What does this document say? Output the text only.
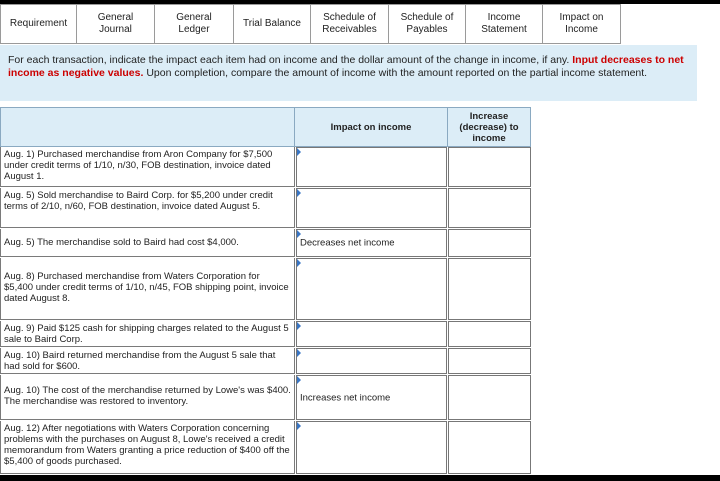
Requirement
General
Journal
General
Ledger
Trial Balance
Schedule of
Receivables
Schedule of
Payables
Income
Statement
Impact on
Income
For each transaction, indicate the impact each item had on income and the dollar amount of the change in income, if any. Input decreases to net income as negative values. Upon completion, compare the amount of income with the amount reported on the partial income statement.
Impact on income
Increase (decrease) to income
Aug. 1) Purchased merchandise from Aron Company for $7,500 under credit terms of 1/10, n/30, FOB destination, invoice dated August 1.
Aug. 5) Sold merchandise to Baird Corp. for $5,200 under credit terms of 2/10, n/60, FOB destination, invoice dated August 5.
Aug. 5) The merchandise sold to Baird had cost $4,000.	Decreases net income
Aug. 8) Purchased merchandise from Waters Corporation for $5,400 under credit terms of 1/10, n/45, FOB shipping point, invoice dated August 8.
Aug. 9) Paid $125 cash for shipping charges related to the August 5 sale to Baird Corp.
Aug. 10) Baird returned merchandise from the August 5 sale that had sold for $600.
Aug. 10) The cost of the merchandise returned by Lowe's was $400. The merchandise was restored to inventory.	Increases net income
Aug. 12) After negotiations with Waters Corporation concerning problems with the purchases on August 8, Lowe's received a credit memorandum from Waters granting a price reduction of $400 off the $5,400 of goods purchased.
